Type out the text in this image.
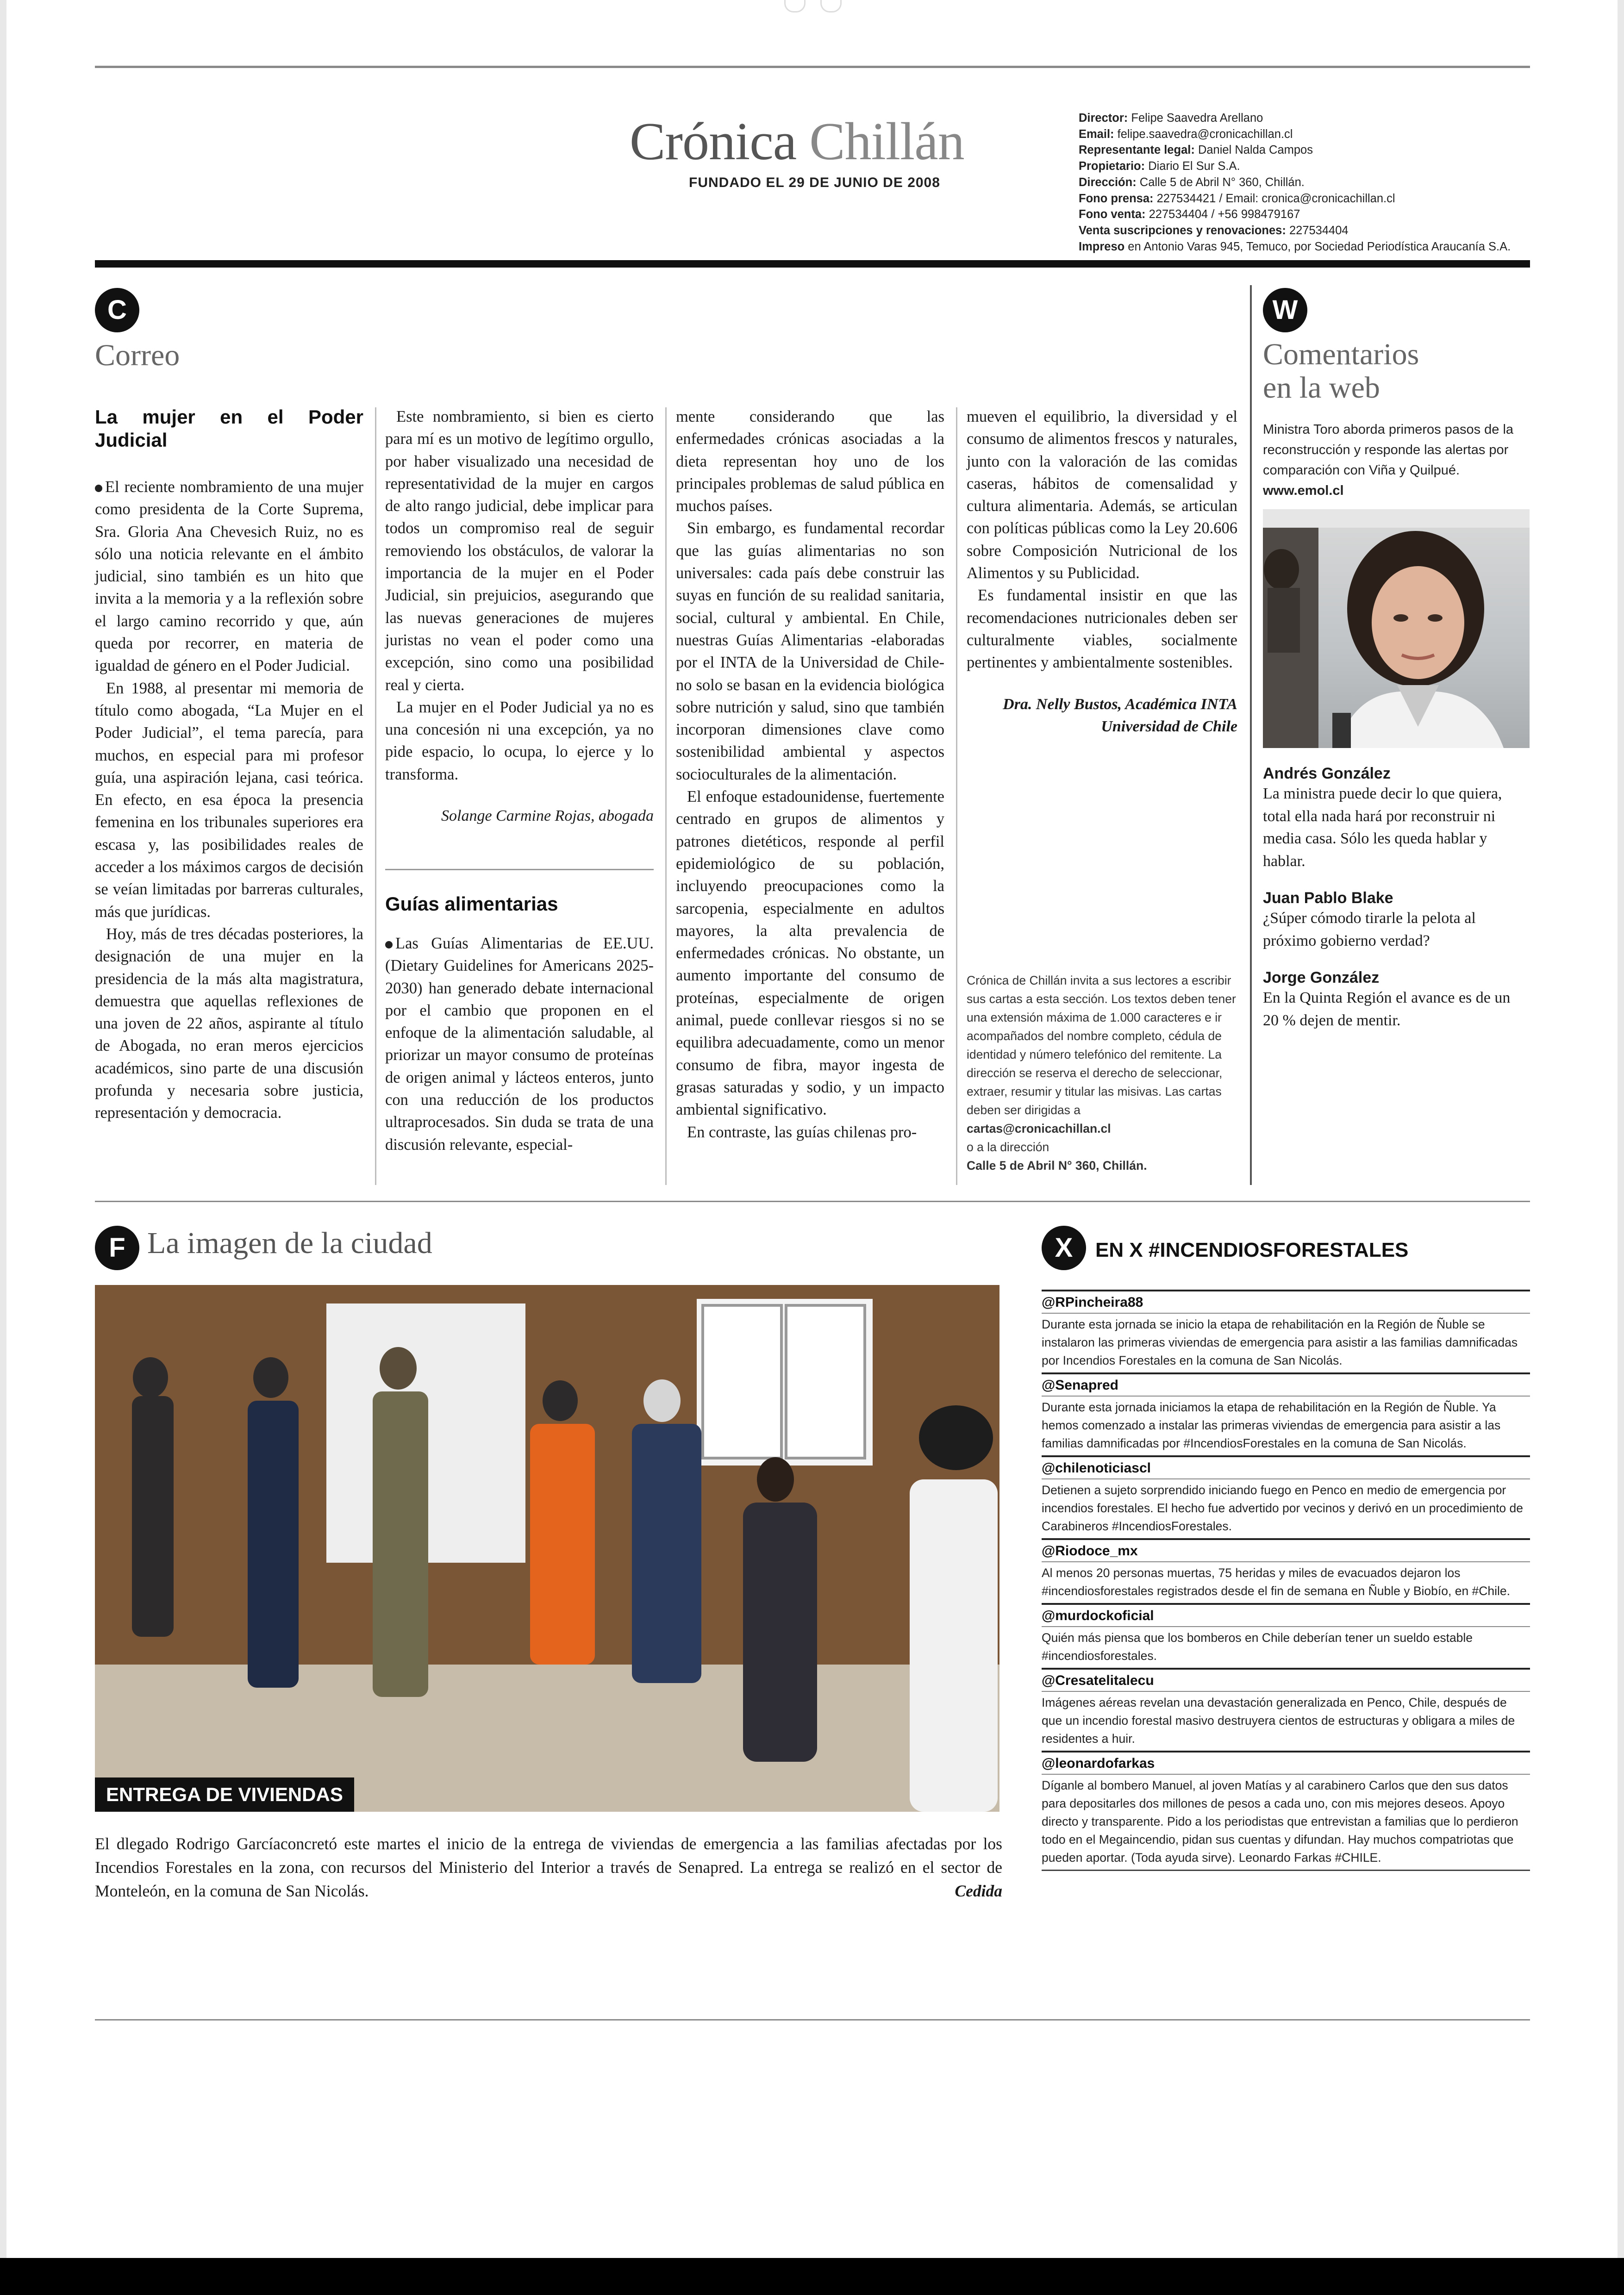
Crónica Chillán
FUNDADO EL 29 DE JUNIO DE 2008
Director: Felipe Saavedra Arellano
Email: felipe.saavedra@cronicachillan.cl
Representante legal: Daniel Nalda Campos
Propietario: Diario El Sur S.A.
Dirección: Calle 5 de Abril N° 360, Chillán.
Fono prensa: 227534421 / Email: cronica@cronicachillan.cl
Fono venta: 227534404 / +56 998479167
Venta suscripciones y renovaciones: 227534404
Impreso en Antonio Varas 945, Temuco, por Sociedad Periodística Araucanía S.A.
C
Correo
La mujer en el Poder Judicial

El reciente nombramiento de una mujer como presidenta de la Corte Suprema, Sra. Gloria Ana Chevesich Ruiz, no es sólo una noticia relevante en el ámbito judicial, sino también es un hito que invita a la memoria y a la reflexión sobre el largo camino recorrido y que, aún queda por recorrer, en materia de igualdad de género en el Poder Judicial.

En 1988, al presentar mi memoria de título como abogada, “La Mujer en el Poder Judicial”, el tema parecía, para muchos, en especial para mi profesor guía, una aspiración lejana, casi teórica. En efecto, en esa época la presencia femenina en los tribunales superiores era escasa y, las posibilidades reales de acceder a los máximos cargos de decisión se veían limitadas por barreras culturales, más que jurídicas.

Hoy, más de tres décadas posteriores, la designación de una mujer en la presidencia de la más alta magistratura, demuestra que aquellas reflexiones de una joven de 22 años, aspirante al título de Abogada, no eran meros ejercicios académicos, sino parte de una discusión profunda y necesaria sobre justicia, representación y democracia.

Este nombramiento, si bien es cierto para mí es un motivo de legítimo orgullo, por haber visualizado una necesidad de representatividad de la mujer en cargos de alto rango judicial, debe implicar para todos un compromiso real de seguir removiendo los obstáculos, de valorar la importancia de la mujer en el Poder Judicial, sin prejuicios, asegurando que las nuevas generaciones de mujeres juristas no vean el poder como una excepción, sino como una posibilidad real y cierta.

La mujer en el Poder Judicial ya no es una concesión ni una excepción, ya no pide espacio, lo ocupa, lo ejerce y lo transforma.

Solange Carmine Rojas, abogada
Guías alimentarias

Las Guías Alimentarias de EE.UU. (Dietary Guidelines for Americans 2025-2030) han generado debate internacional por el cambio que proponen en el enfoque de la alimentación saludable, al priorizar un mayor consumo de proteínas de origen animal y lácteos enteros, junto con una reducción de los productos ultraprocesados. Sin duda se trata de una discusión relevante, especial-

mente considerando que las enfermedades crónicas asociadas a la dieta representan hoy uno de los principales problemas de salud pública en muchos países.

Sin embargo, es fundamental recordar que las guías alimentarias no son universales: cada país debe construir las suyas en función de su realidad sanitaria, social, cultural y ambiental. En Chile, nuestras Guías Alimentarias -elaboradas por el INTA de la Universidad de Chile- no solo se basan en la evidencia biológica sobre nutrición y salud, sino que también incorporan dimensiones clave como sostenibilidad ambiental y aspectos socioculturales de la alimentación.

El enfoque estadounidense, fuertemente centrado en grupos de alimentos y patrones dietéticos, responde al perfil epidemiológico de su población, incluyendo preocupaciones como la sarcopenia, especialmente en adultos mayores, la alta prevalencia de enfermedades crónicas. No obstante, un aumento importante del consumo de proteínas, especialmente de origen animal, puede conllevar riesgos si no se equilibra adecuadamente, como un menor consumo de fibra, mayor ingesta de grasas saturadas y sodio, y un impacto ambiental significativo.

En contraste, las guías chilenas pro-

mueven el equilibrio, la diversidad y el consumo de alimentos frescos y naturales, junto con la valoración de las comidas caseras, hábitos de comensalidad y cultura alimentaria. Además, se articulan con políticas públicas como la Ley 20.606 sobre Composición Nutricional de los Alimentos y su Publicidad.

Es fundamental insistir en que las recomendaciones nutricionales deben ser culturalmente viables, socialmente pertinentes y ambientalmente sostenibles.

Dra. Nelly Bustos, Académica INTA
Universidad de Chile
Crónica de Chillán invita a sus lectores a escribir sus cartas a esta sección. Los textos deben tener una extensión máxima de 1.000 caracteres e ir acompañados del nombre completo, cédula de identidad y número telefónico del remitente. La dirección se reserva el derecho de seleccionar, extraer, resumir y titular las misivas. Las cartas deben ser dirigidas a
cartas@cronicachillan.cl
o a la dirección
Calle 5 de Abril N° 360, Chillán.
W
Comentarios
en la web
Ministra Toro aborda primeros pasos de la reconstrucción y responde las alertas por comparación con Viña y Quilpué.
www.emol.cl
Andrés González
La ministra puede decir lo que quiera, total ella nada hará por reconstruir ni media casa. Sólo les queda hablar y hablar.
Juan Pablo Blake
¿Súper cómodo tirarle la pelota al próximo gobierno verdad?
Jorge González
En la Quinta Región el avance es de un 20 % dejen de mentir.
F La imagen de la ciudad
ENTREGA DE VIVIENDAS
El dlegado Rodrigo Garcíaconcretó este martes el inicio de la entrega de viviendas de emergencia a las familias afectadas por los Incendios Forestales en la zona, con recursos del Ministerio del Interior a través de Senapred. La entrega se realizó en el sector de Monteleón, en la comuna de San Nicolás.	Cedida
X	EN X #INCENDIOSFORESTALES
@RPincheira88
Durante esta jornada se inicio la etapa de rehabilitación en la Región de Ñuble se instalaron las primeras viviendas de emergencia para asistir a las familias damnificadas por Incendios Forestales en la comuna de San Nicolás.
@Senapred
Durante esta jornada iniciamos la etapa de rehabilitación en la Región de Ñuble. Ya hemos comenzado a instalar las primeras viviendas de emergencia para asistir a las familias damnificadas por #IncendiosForestales en la comuna de San Nicolás.
@chilenoticiascl
Detienen a sujeto sorprendido iniciando fuego en Penco en medio de emergencia por incendios forestales. El hecho fue advertido por vecinos y derivó en un procedimiento de Carabineros #IncendiosForestales.
@Riodoce_mx
Al menos 20 personas muertas, 75 heridas y miles de evacuados dejaron los #incendiosforestales registrados desde el fin de semana en Ñuble y Biobío, en #Chile.
@murdockoficial
Quién más piensa que los bomberos en Chile deberían tener un sueldo estable #incendiosforestales.
@Cresatelitalecu
Imágenes aéreas revelan una devastación generalizada en Penco, Chile, después de que un incendio forestal masivo destruyera cientos de estructuras y obligara a miles de residentes a huir.
@leonardofarkas
Díganle al bombero Manuel, al joven Matías y al carabinero Carlos que den sus datos para depositarles dos millones de pesos a cada uno, con mis mejores deseos. Apoyo directo y transparente. Pido a los periodistas que entrevistan a familias que lo perdieron todo en el Megaincendio, pidan sus cuentas y difundan. Hay muchos compatriotas que pueden aportar. (Toda ayuda sirve). Leonardo Farkas #CHILE.
